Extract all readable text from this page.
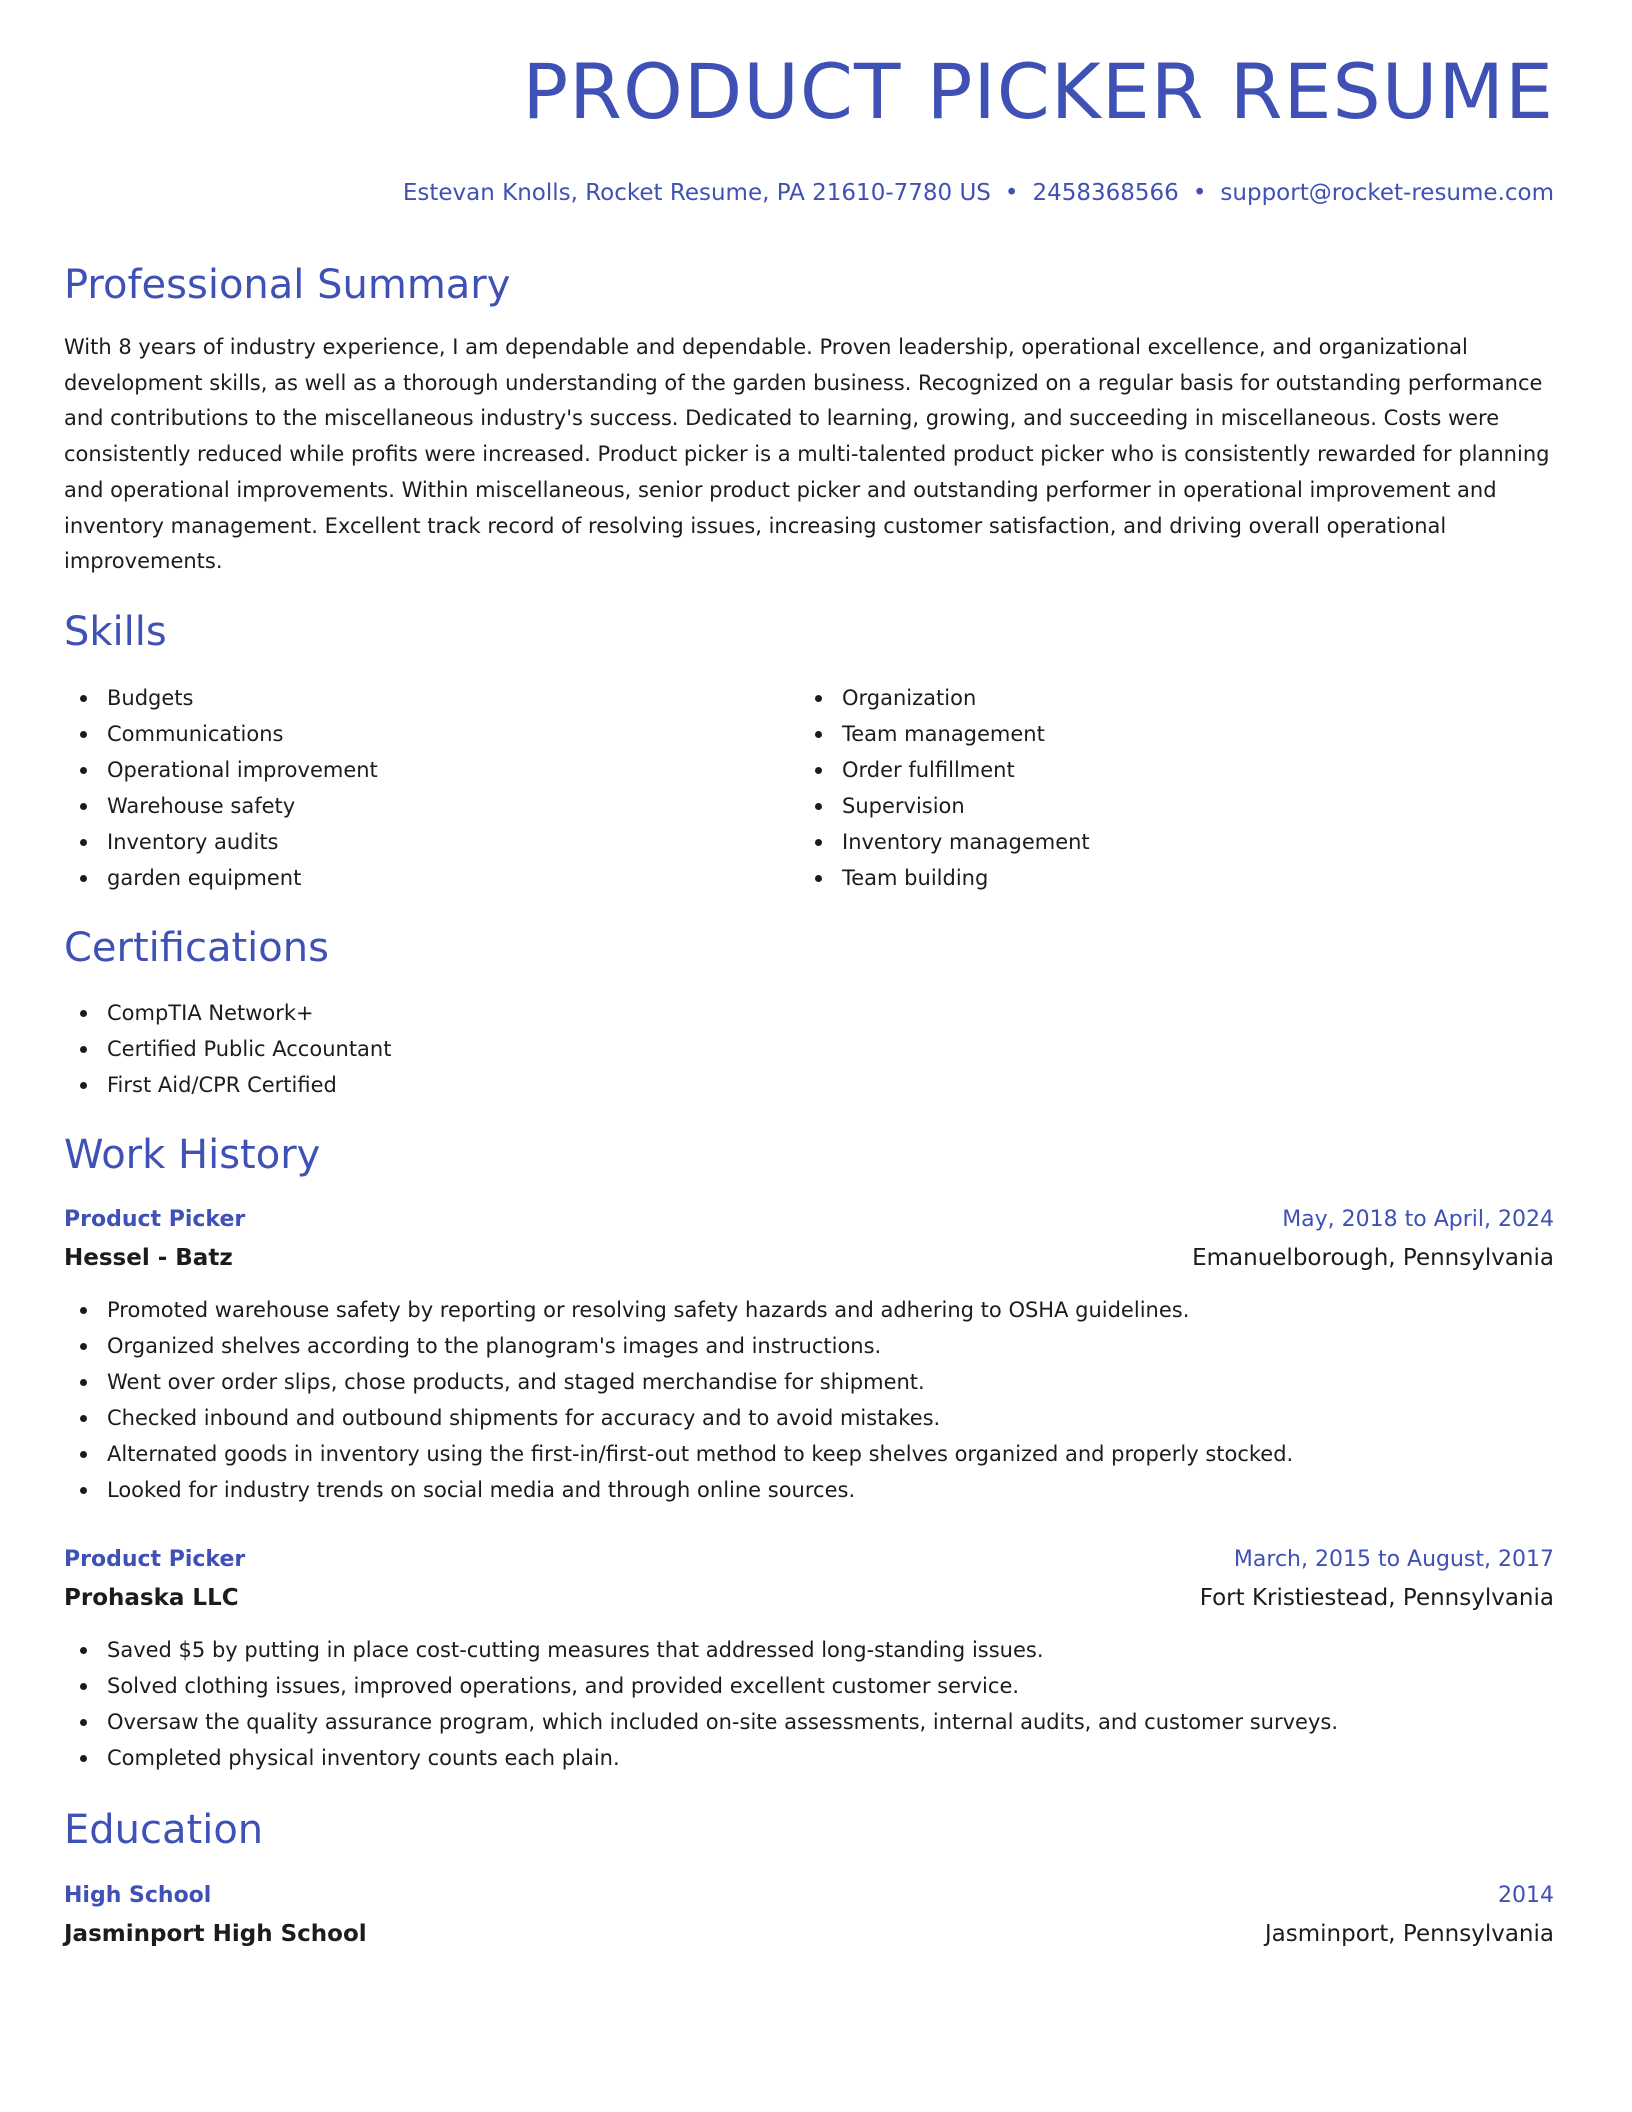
PRODUCT PICKER RESUME
Estevan Knolls, Rocket Resume, PA 21610-7780 US • 2458368566 • support@rocket-resume.com
Professional Summary

With 8 years of industry experience, I am dependable and dependable. Proven leadership, operational excellence, and organizational development skills, as well as a thorough understanding of the garden business. Recognized on a regular basis for outstanding performance and contributions to the miscellaneous industry's success. Dedicated to learning, growing, and succeeding in miscellaneous. Costs were consistently reduced while profits were increased. Product picker is a multi-talented product picker who is consistently rewarded for planning and operational improvements. Within miscellaneous, senior product picker and outstanding performer in operational improvement and inventory management. Excellent track record of resolving issues, increasing customer satisfaction, and driving overall operational improvements.

Skills
Budgets
Communications
Operational improvement
Warehouse safety
Inventory audits
garden equipment
Organization
Team management
Order fulfillment
Supervision
Inventory management
Team building
Certifications
CompTIA Network+
Certified Public Accountant
First Aid/CPR Certified
Work History
Product Picker	May, 2018 to April, 2024
Hessel - Batz	Emanuelborough, Pennsylvania
Promoted warehouse safety by reporting or resolving safety hazards and adhering to OSHA guidelines.
Organized shelves according to the planogram's images and instructions.
Went over order slips, chose products, and staged merchandise for shipment.
Checked inbound and outbound shipments for accuracy and to avoid mistakes.
Alternated goods in inventory using the first-in/first-out method to keep shelves organized and properly stocked.
Looked for industry trends on social media and through online sources.
Product Picker	March, 2015 to August, 2017
Prohaska LLC	Fort Kristiestead, Pennsylvania
Saved $5 by putting in place cost-cutting measures that addressed long-standing issues.
Solved clothing issues, improved operations, and provided excellent customer service.
Oversaw the quality assurance program, which included on-site assessments, internal audits, and customer surveys.
Completed physical inventory counts each plain.
Education
High School	2014
Jasminport High School	Jasminport, Pennsylvania
